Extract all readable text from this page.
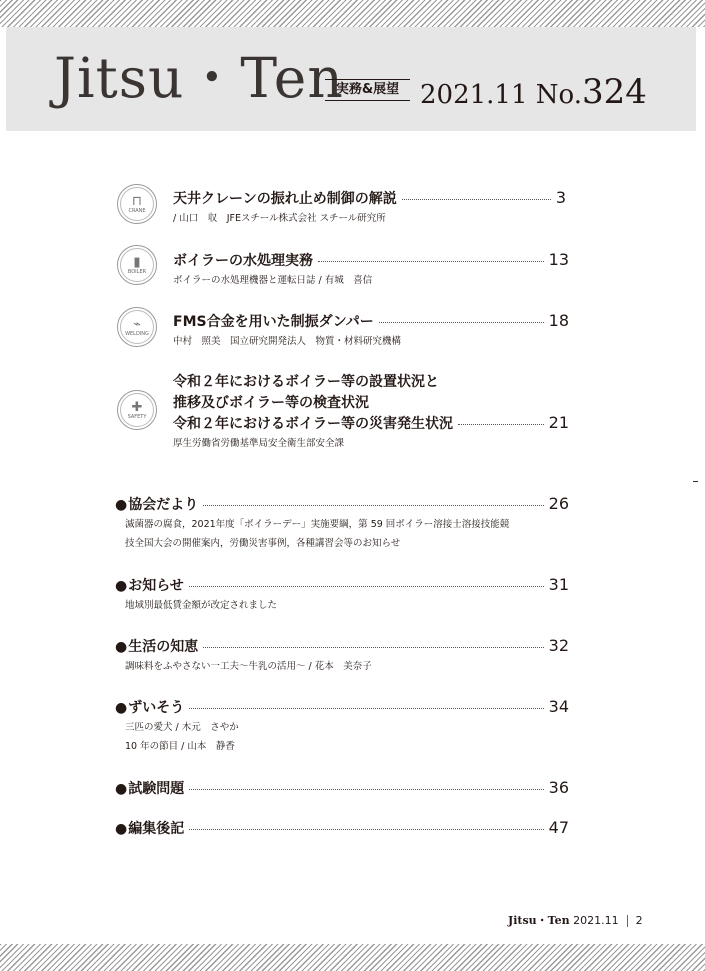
Jitsu・Ten
実務&展望 2021.11 No.324
⊓
CRANE
天井クレーンの振れ止め制御の解説	3
/ 山口　収　JFEスチール株式会社 スチール研究所
▮
BOILER
ボイラーの水処理実務	13
ボイラーの水処理機器と運転日誌 / 有城　喜信
⌁
WELDING
FMS合金を用いた制振ダンパー	18
中村　照美　国立研究開発法人　物質・材料研究機構
✚
SAFETY
令和２年におけるボイラー等の設置状況と
推移及びボイラー等の検査状況
令和２年におけるボイラー等の災害発生状況	21
厚生労働省労働基準局安全衛生部安全課
● 協会だより	26
滅菌器の腐食，2021年度「ボイラーデー」実施要綱，第 59 回ボイラー溶接士溶接技能競
技全国大会の開催案内，労働災害事例，各種講習会等のお知らせ
● お知らせ	31
地域別最低賃金額が改定されました
● 生活の知恵	32
調味料をふやさない一工夫～牛乳の活用～ / 花本　美奈子
● ずいそう	34
三匹の愛犬 / 木元　さやか
10 年の節目 / 山本　静香
● 試験問題	36
● 編集後記	47
Jitsu・Ten 2021.11 2
